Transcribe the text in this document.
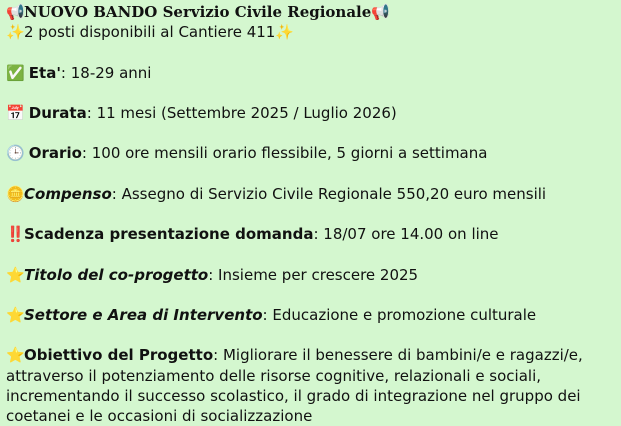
📢NUOVO BANDO Servizio Civile Regionale📢
✨2 posti disponibili al Cantiere 411✨
✅ Eta': 18-29 anni
📅 Durata: 11 mesi (Settembre 2025 / Luglio 2026)
🕒 Orario: 100 ore mensili orario flessibile, 5 giorni a settimana
🪙Compenso: Assegno di Servizio Civile Regionale 550,20 euro mensili
‼️Scadenza presentazione domanda: 18/07 ore 14.00 on line
⭐Titolo del co-progetto: Insieme per crescere 2025
⭐Settore e Area di Intervento: Educazione e promozione culturale
⭐Obiettivo del Progetto: Migliorare il benessere di bambini/e e ragazzi/e, attraverso il potenziamento delle risorse cognitive, relazionali e sociali, incrementando il successo scolastico, il grado di integrazione nel gruppo dei coetanei e le occasioni di socializzazione
